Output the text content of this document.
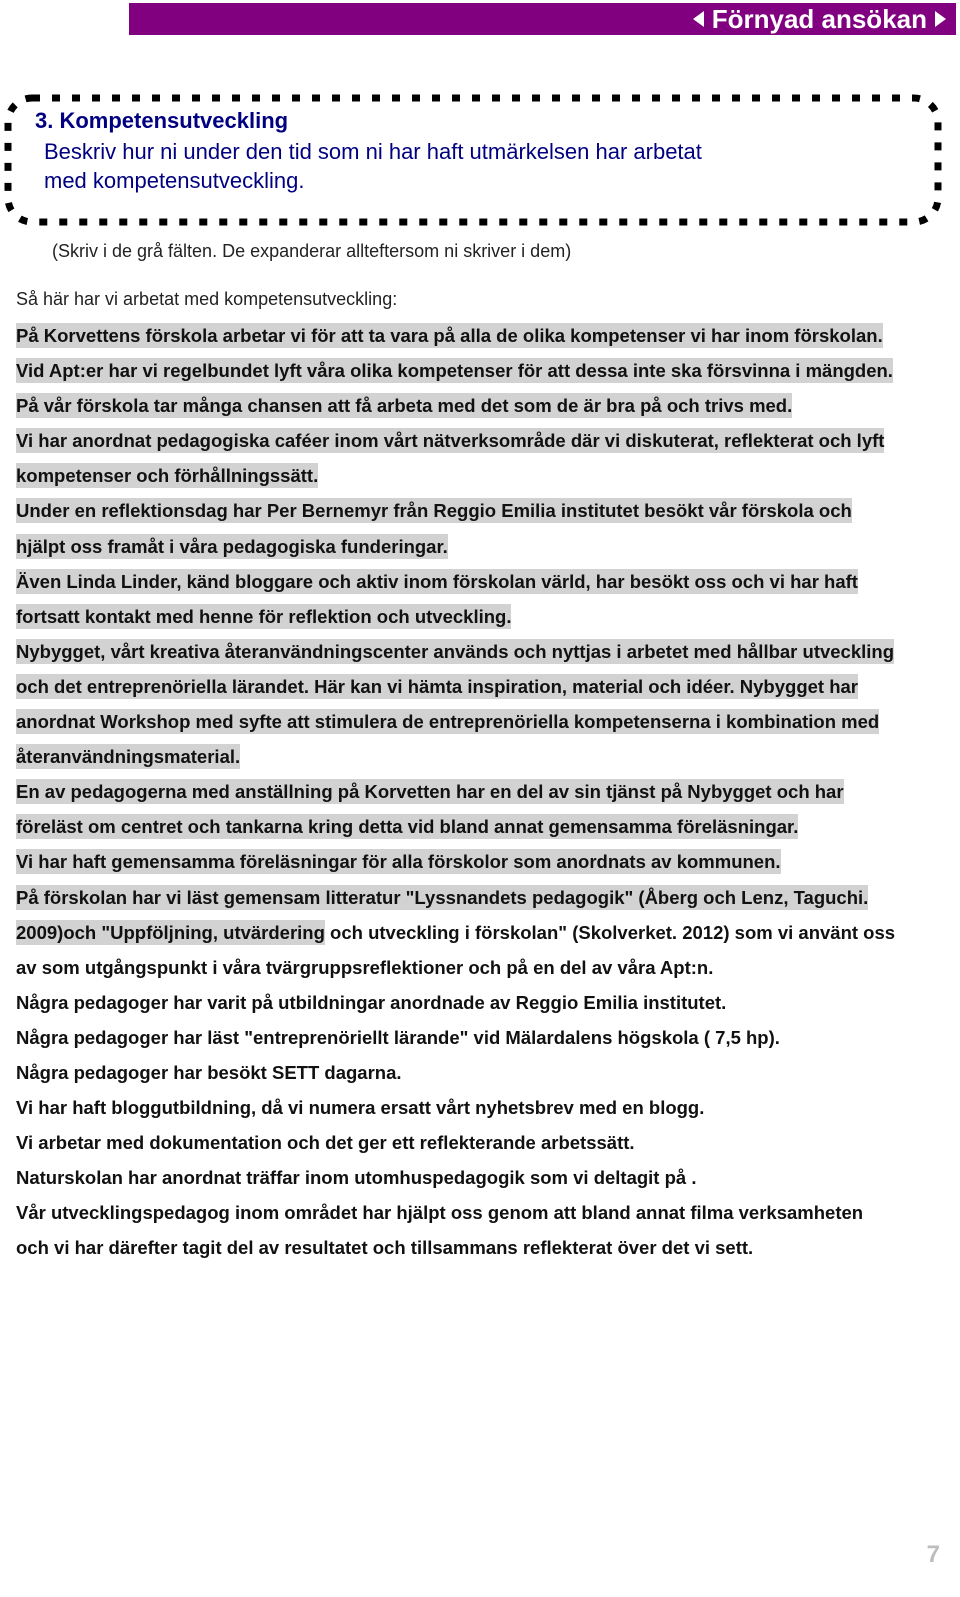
Förnyad ansökan
3. Kompetensutveckling
Beskriv hur ni under den tid som ni har haft utmärkelsen har arbetat med kompetensutveckling.
(Skriv i de grå fälten. De expanderar allteftersom ni skriver i dem)
Så här har vi arbetat med kompetensutveckling:

På Korvettens förskola arbetar vi för att ta vara på alla de olika kompetenser vi har inom förskolan. Vid Apt:er har vi regelbundet lyft våra olika kompetenser för att dessa inte ska försvinna i mängden. På vår förskola tar många chansen att få arbeta med det som de är bra på och trivs med.

Vi har anordnat pedagogiska caféer inom vårt nätverksområde där vi diskuterat, reflekterat och lyft kompetenser och förhållningssätt.

Under en reflektionsdag har Per Bernemyr från Reggio Emilia institutet besökt vår förskola och hjälpt oss framåt i våra pedagogiska funderingar.

Även Linda Linder, känd bloggare och aktiv inom förskolan värld, har besökt oss och vi har haft fortsatt kontakt med henne för reflektion och utveckling.

Nybygget, vårt kreativa återanvändningscenter används och nyttjas i arbetet med hållbar utveckling och det entreprenöriella lärandet. Här kan vi hämta inspiration, material och idéer. Nybygget har anordnat Workshop med syfte att stimulera de entreprenöriella kompetenserna i kombination med återanvändningsmaterial.

En av pedagogerna med anställning på Korvetten har en del av sin tjänst på Nybygget och har föreläst om centret och tankarna kring detta vid bland annat gemensamma föreläsningar.

Vi har haft gemensamma föreläsningar för alla förskolor som anordnats av kommunen.

På förskolan har vi läst gemensam litteratur "Lyssnandets pedagogik" (Åberg och Lenz, Taguchi. 2009)och "Uppföljning, utvärdering och utveckling i förskolan" (Skolverket. 2012) som vi använt oss av som utgångspunkt i våra tvärgruppsreflektioner och på en del av våra Apt:n.

Några pedagoger har varit på utbildningar anordnade av Reggio Emilia institutet.

Några pedagoger har läst "entreprenöriellt lärande" vid Mälardalens högskola ( 7,5 hp).

Några pedagoger har besökt SETT dagarna.

Vi har haft bloggutbildning, då vi numera ersatt vårt nyhetsbrev med en blogg.

Vi arbetar med dokumentation och det ger ett reflekterande arbetssätt.

Naturskolan har anordnat träffar inom utomhuspedagogik som vi deltagit på .

Vår utvecklingspedagog inom området har hjälpt oss genom att bland annat filma verksamheten och vi har därefter tagit del av resultatet och tillsammans reflekterat över det vi sett.

7
